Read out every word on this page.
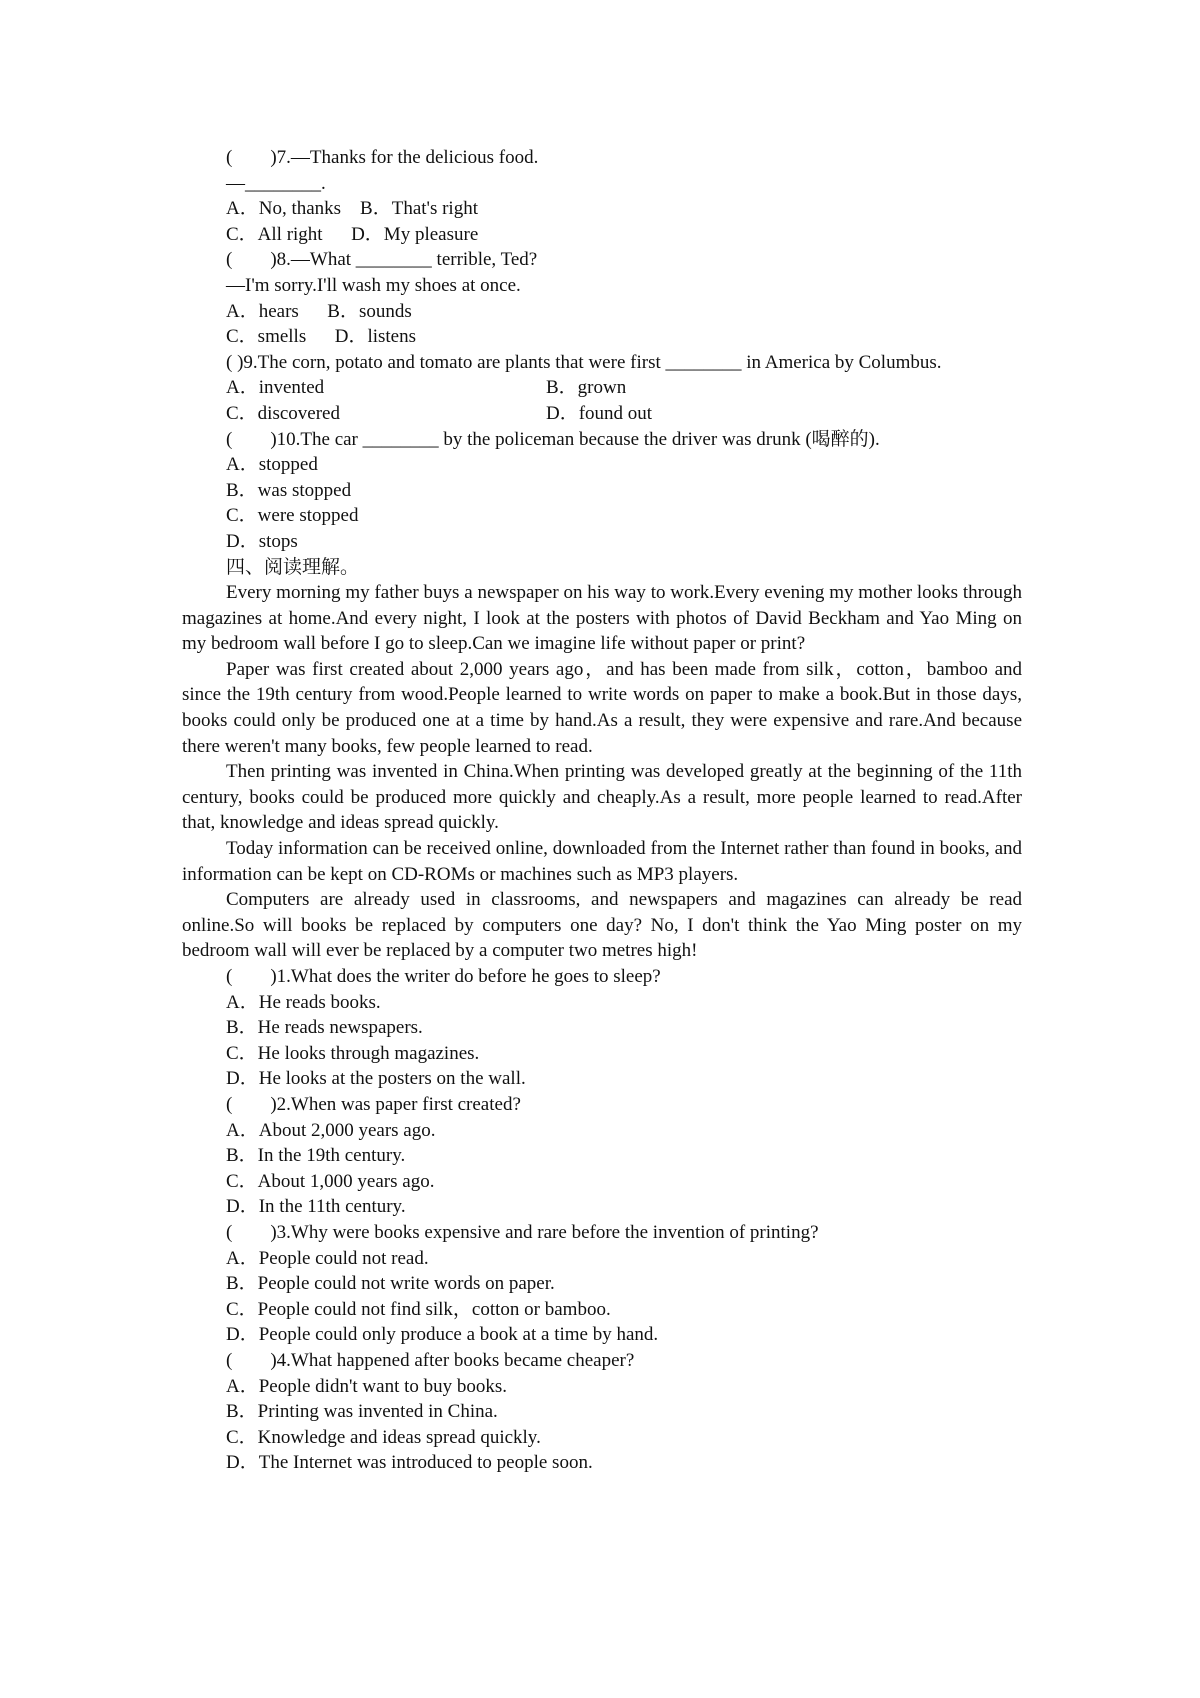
(        )7.—Thanks for the delicious food.
—________.
A．No, thanks    B．That's right
C．All right      D．My pleasure
(        )8.—What ________ terrible, Ted?
—I'm sorry.I'll wash my shoes at once.
A．hears      B．sounds
C．smells      D．listens

( )9.The corn, potato and tomato are plants that were first ________ in America by Columbus.

A．invented	B．grown
C．discovered	D．found out
(        )10.The car ________ by the policeman because the driver was drunk (喝醉的).
A．stopped
B．was stopped
C．were stopped
D．stops
四、阅读理解。

Every morning my father buys a newspaper on his way to work.Every evening my mother looks through magazines at home.And every night, I look at the posters with photos of David Beckham and Yao Ming on my bedroom wall before I go to sleep.Can we imagine life without paper or print?

Paper was first created about 2,000 years ago，and has been made from silk，cotton，bamboo and since the 19th century from wood.People learned to write words on paper to make a book.But in those days, books could only be produced one at a time by hand.As a result, they were expensive and rare.And because there weren't many books, few people learned to read.

Then printing was invented in China.When printing was developed greatly at the beginning of the 11th century, books could be produced more quickly and cheaply.As a result, more people learned to read.After that, knowledge and ideas spread quickly.

Today information can be received online, downloaded from the Internet rather than found in books, and information can be kept on CD-ROMs or machines such as MP3 players.

Computers are already used in classrooms, and newspapers and magazines can already be read online.So will books be replaced by computers one day? No, I don't think the Yao Ming poster on my bedroom wall will ever be replaced by a computer two metres high!

(        )1.What does the writer do before he goes to sleep?
A．He reads books.
B．He reads newspapers.
C．He looks through magazines.
D．He looks at the posters on the wall.
(        )2.When was paper first created?
A．About 2,000 years ago.
B．In the 19th century.
C．About 1,000 years ago.
D．In the 11th century.
(        )3.Why were books expensive and rare before the invention of printing?
A．People could not read.
B．People could not write words on paper.
C．People could not find silk，cotton or bamboo.
D．People could only produce a book at a time by hand.
(        )4.What happened after books became cheaper?
A．People didn't want to buy books.
B．Printing was invented in China.
C．Knowledge and ideas spread quickly.
D．The Internet was introduced to people soon.
